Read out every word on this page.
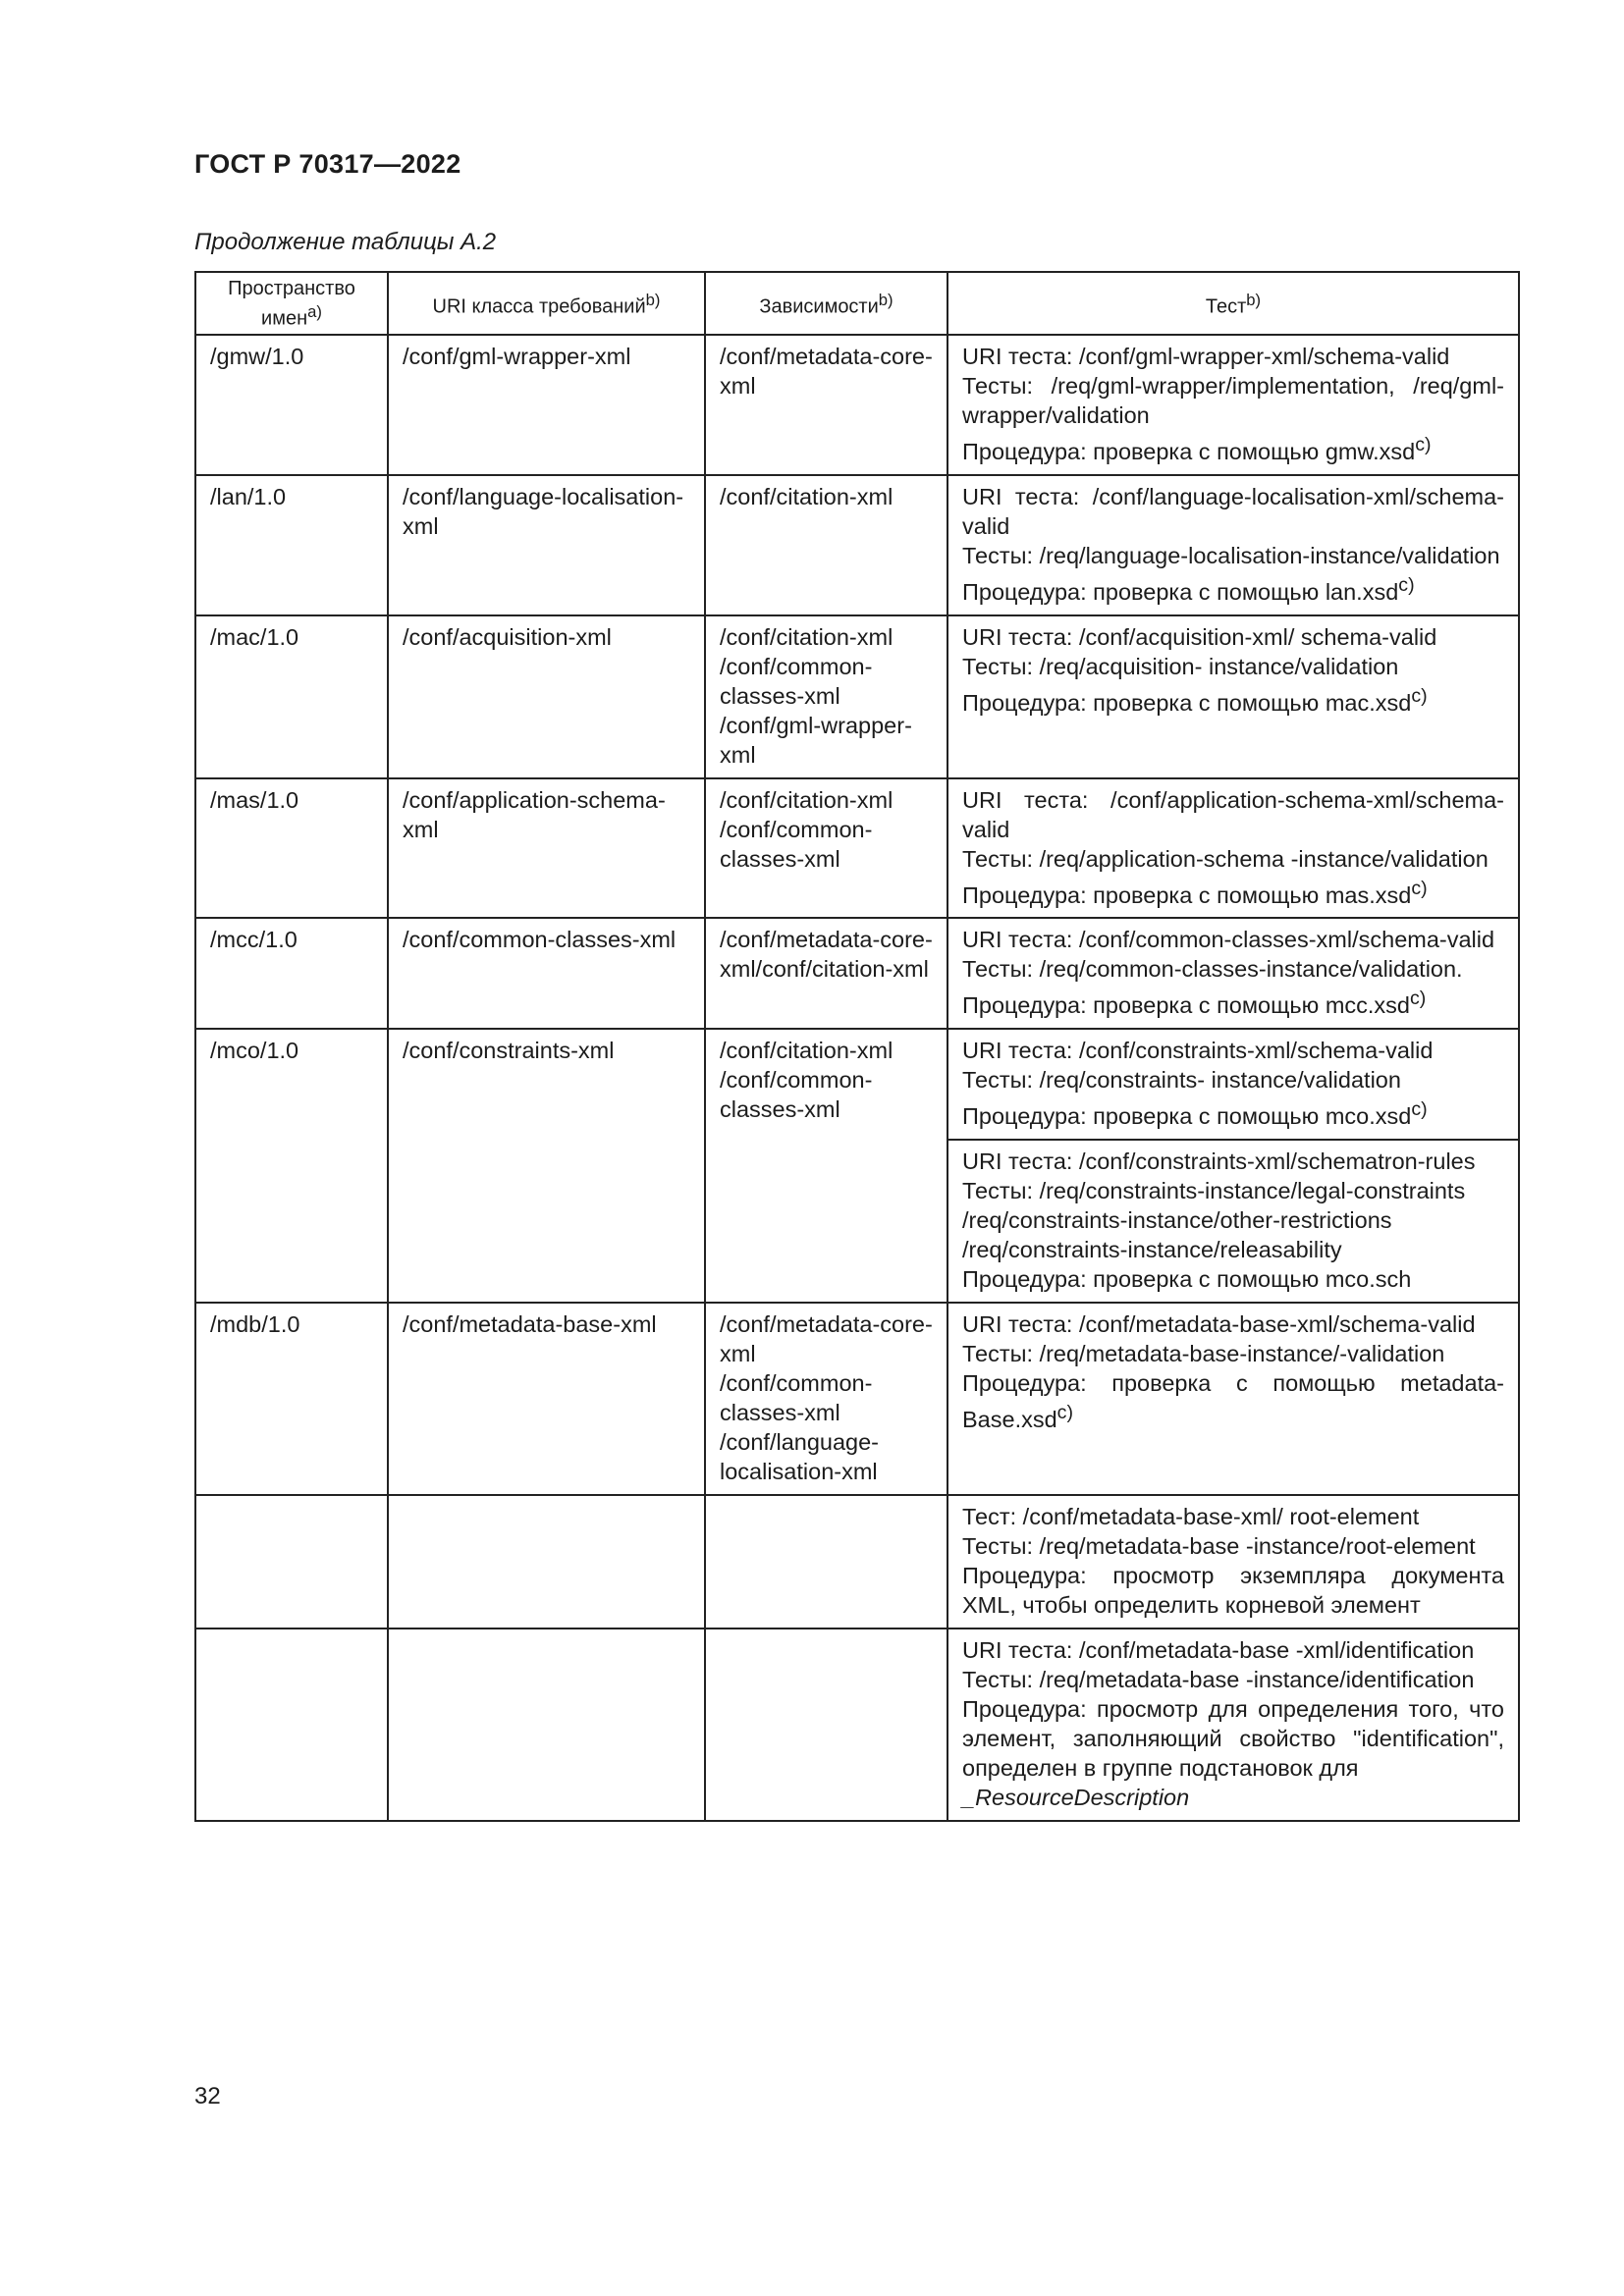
ГОСТ Р 70317—2022
Продолжение таблицы А.2
Пространство имен$^{a)}$	URI класса требований$^{b)}$	Зависимости$^{b)}$	Тест$^{b)}$
/gmw/1.0	/conf/gml-wrapper-xml	/conf/metadata-core-xml	URI теста: /conf/gml-wrapper-xml/schema-valid
Тесты: /req/gml-wrapper/implementation, /req/gml-wrapper/validation
Процедура: проверка с помощью gmw.xsd$^{c)}$

/lan/1.0	/conf/language-localisation-xml	/conf/citation-xml	URI теста: /conf/language-localisation-xml/schema-valid
Тесты: /req/language-localisation-instance/validation
Процедура: проверка с помощью lan.xsd$^{c)}$

/mac/1.0	/conf/acquisition-xml	/conf/citation-xml
/conf/common-classes-xml
/conf/gml-wrapper-xml	URI теста: /conf/acquisition-xml/ schema-valid
Тесты: /req/acquisition- instance/validation
Процедура: проверка с помощью mac.xsd$^{c)}$

/mas/1.0	/conf/application-schema-xml	/conf/citation-xml
/conf/common-classes-xml	URI теста: /conf/application-schema-xml/schema-valid
Тесты: /req/application-schema -instance/validation
Процедура: проверка с помощью mas.xsd$^{c)}$

/mcc/1.0	/conf/common-classes-xml	/conf/metadata-core-xml/conf/citation-xml	URI теста: /conf/common-classes-xml/schema-valid
Тесты: /req/common-classes-instance/validation.
Процедура: проверка с помощью mcc.xsd$^{c)}$

/mco/1.0	/conf/constraints-xml	/conf/citation-xml
/conf/common-classes-xml	URI теста: /conf/constraints-xml/schema-valid
Тесты: /req/constraints- instance/validation
Процедура: проверка с помощью mco.xsd$^{c)}$

			URI теста: /conf/constraints-xml/schematron-rules
Тесты: /req/constraints-instance/legal-constraints
/req/constraints-instance/other-restrictions
/req/constraints-instance/releasability
Процедура: проверка с помощью mco.sch

/mdb/1.0	/conf/metadata-base-xml	/conf/metadata-core-xml
/conf/common-classes-xml
/conf/language-localisation-xml	URI теста: /conf/metadata-base-xml/schema-valid
Тесты: /req/metadata-base-instance/-validation
Процедура: проверка с помощью metadata-Base.xsd$^{c)}$

			Тест: /conf/metadata-base-xml/ root-element
Тесты: /req/metadata-base -instance/root-element
Процедура: просмотр экземпляра документа XML, чтобы определить корневой элемент

			URI теста: /conf/metadata-base -xml/identification
Тесты: /req/metadata-base -instance/identification
Процедура: просмотр для определения того, что элемент, заполняющий свойство "identification", определен в группе подстановок для
_ResourceDescription
32
